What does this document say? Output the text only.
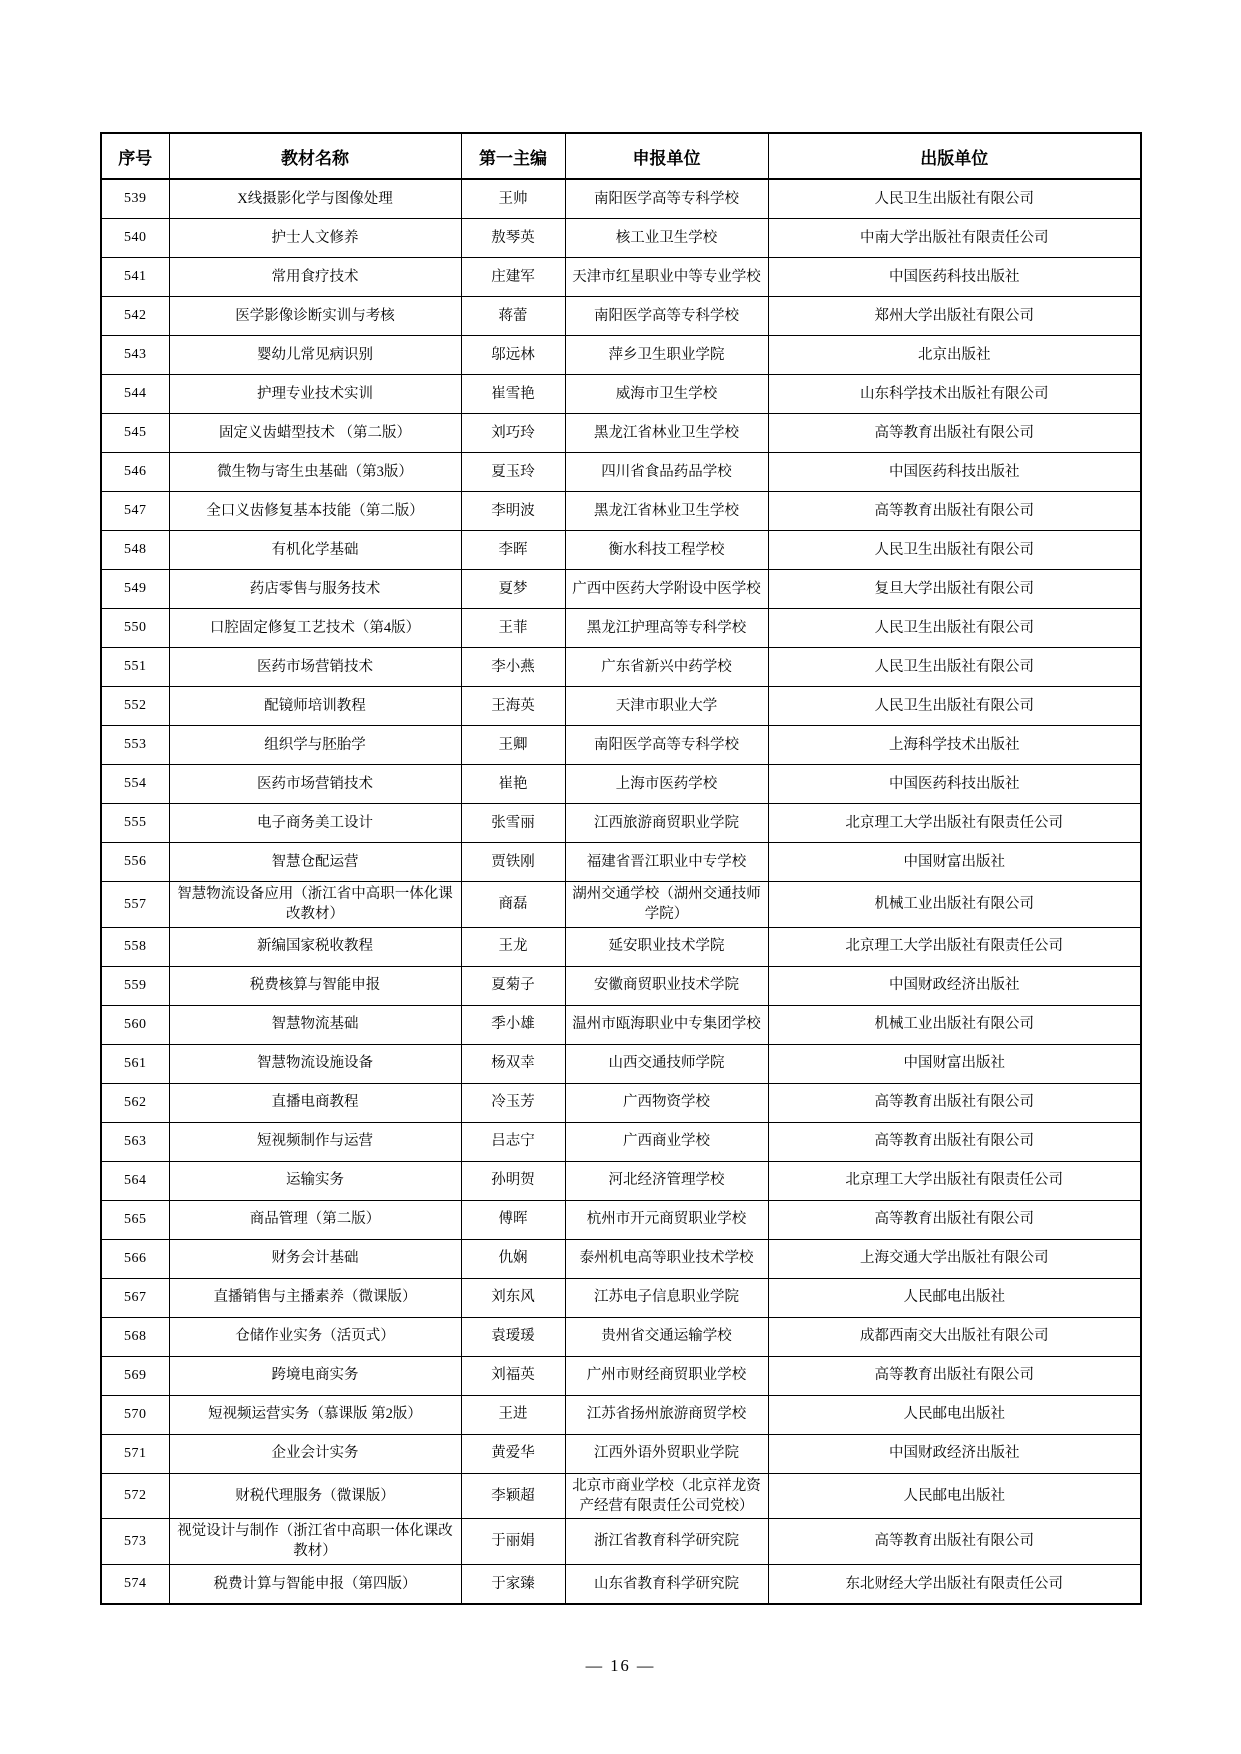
序号	教材名称	第一主编	申报单位	出版单位
539	X线摄影化学与图像处理	王帅	南阳医学高等专科学校	人民卫生出版社有限公司
540	护士人文修养	敖琴英	核工业卫生学校	中南大学出版社有限责任公司
541	常用食疗技术	庄建军	天津市红星职业中等专业学校	中国医药科技出版社
542	医学影像诊断实训与考核	蒋蕾	南阳医学高等专科学校	郑州大学出版社有限公司
543	婴幼儿常见病识别	邬远林	萍乡卫生职业学院	北京出版社
544	护理专业技术实训	崔雪艳	威海市卫生学校	山东科学技术出版社有限公司
545	固定义齿蜡型技术 （第二版）	刘巧玲	黑龙江省林业卫生学校	高等教育出版社有限公司
546	微生物与寄生虫基础（第3版）	夏玉玲	四川省食品药品学校	中国医药科技出版社
547	全口义齿修复基本技能（第二版）	李明波	黑龙江省林业卫生学校	高等教育出版社有限公司
548	有机化学基础	李晖	衡水科技工程学校	人民卫生出版社有限公司
549	药店零售与服务技术	夏梦	广西中医药大学附设中医学校	复旦大学出版社有限公司
550	口腔固定修复工艺技术（第4版）	王菲	黑龙江护理高等专科学校	人民卫生出版社有限公司
551	医药市场营销技术	李小燕	广东省新兴中药学校	人民卫生出版社有限公司
552	配镜师培训教程	王海英	天津市职业大学	人民卫生出版社有限公司
553	组织学与胚胎学	王卿	南阳医学高等专科学校	上海科学技术出版社
554	医药市场营销技术	崔艳	上海市医药学校	中国医药科技出版社
555	电子商务美工设计	张雪丽	江西旅游商贸职业学院	北京理工大学出版社有限责任公司
556	智慧仓配运营	贾铁刚	福建省晋江职业中专学校	中国财富出版社
557	智慧物流设备应用（浙江省中高职一体化课改教材）	商磊	湖州交通学校（湖州交通技师学院）	机械工业出版社有限公司
558	新编国家税收教程	王龙	延安职业技术学院	北京理工大学出版社有限责任公司
559	税费核算与智能申报	夏菊子	安徽商贸职业技术学院	中国财政经济出版社
560	智慧物流基础	季小雄	温州市瓯海职业中专集团学校	机械工业出版社有限公司
561	智慧物流设施设备	杨双幸	山西交通技师学院	中国财富出版社
562	直播电商教程	冷玉芳	广西物资学校	高等教育出版社有限公司
563	短视频制作与运营	吕志宁	广西商业学校	高等教育出版社有限公司
564	运输实务	孙明贺	河北经济管理学校	北京理工大学出版社有限责任公司
565	商品管理（第二版）	傅晖	杭州市开元商贸职业学校	高等教育出版社有限公司
566	财务会计基础	仇娴	泰州机电高等职业技术学校	上海交通大学出版社有限公司
567	直播销售与主播素养（微课版）	刘东风	江苏电子信息职业学院	人民邮电出版社
568	仓储作业实务（活页式）	袁瑷瑗	贵州省交通运输学校	成都西南交大出版社有限公司
569	跨境电商实务	刘福英	广州市财经商贸职业学校	高等教育出版社有限公司
570	短视频运营实务（慕课版 第2版）	王进	江苏省扬州旅游商贸学校	人民邮电出版社
571	企业会计实务	黄爱华	江西外语外贸职业学院	中国财政经济出版社
572	财税代理服务（微课版）	李颖超	北京市商业学校（北京祥龙资产经营有限责任公司党校）	人民邮电出版社
573	视觉设计与制作（浙江省中高职一体化课改教材）	于丽娟	浙江省教育科学研究院	高等教育出版社有限公司
574	税费计算与智能申报（第四版）	于家臻	山东省教育科学研究院	东北财经大学出版社有限责任公司
— 16 —
